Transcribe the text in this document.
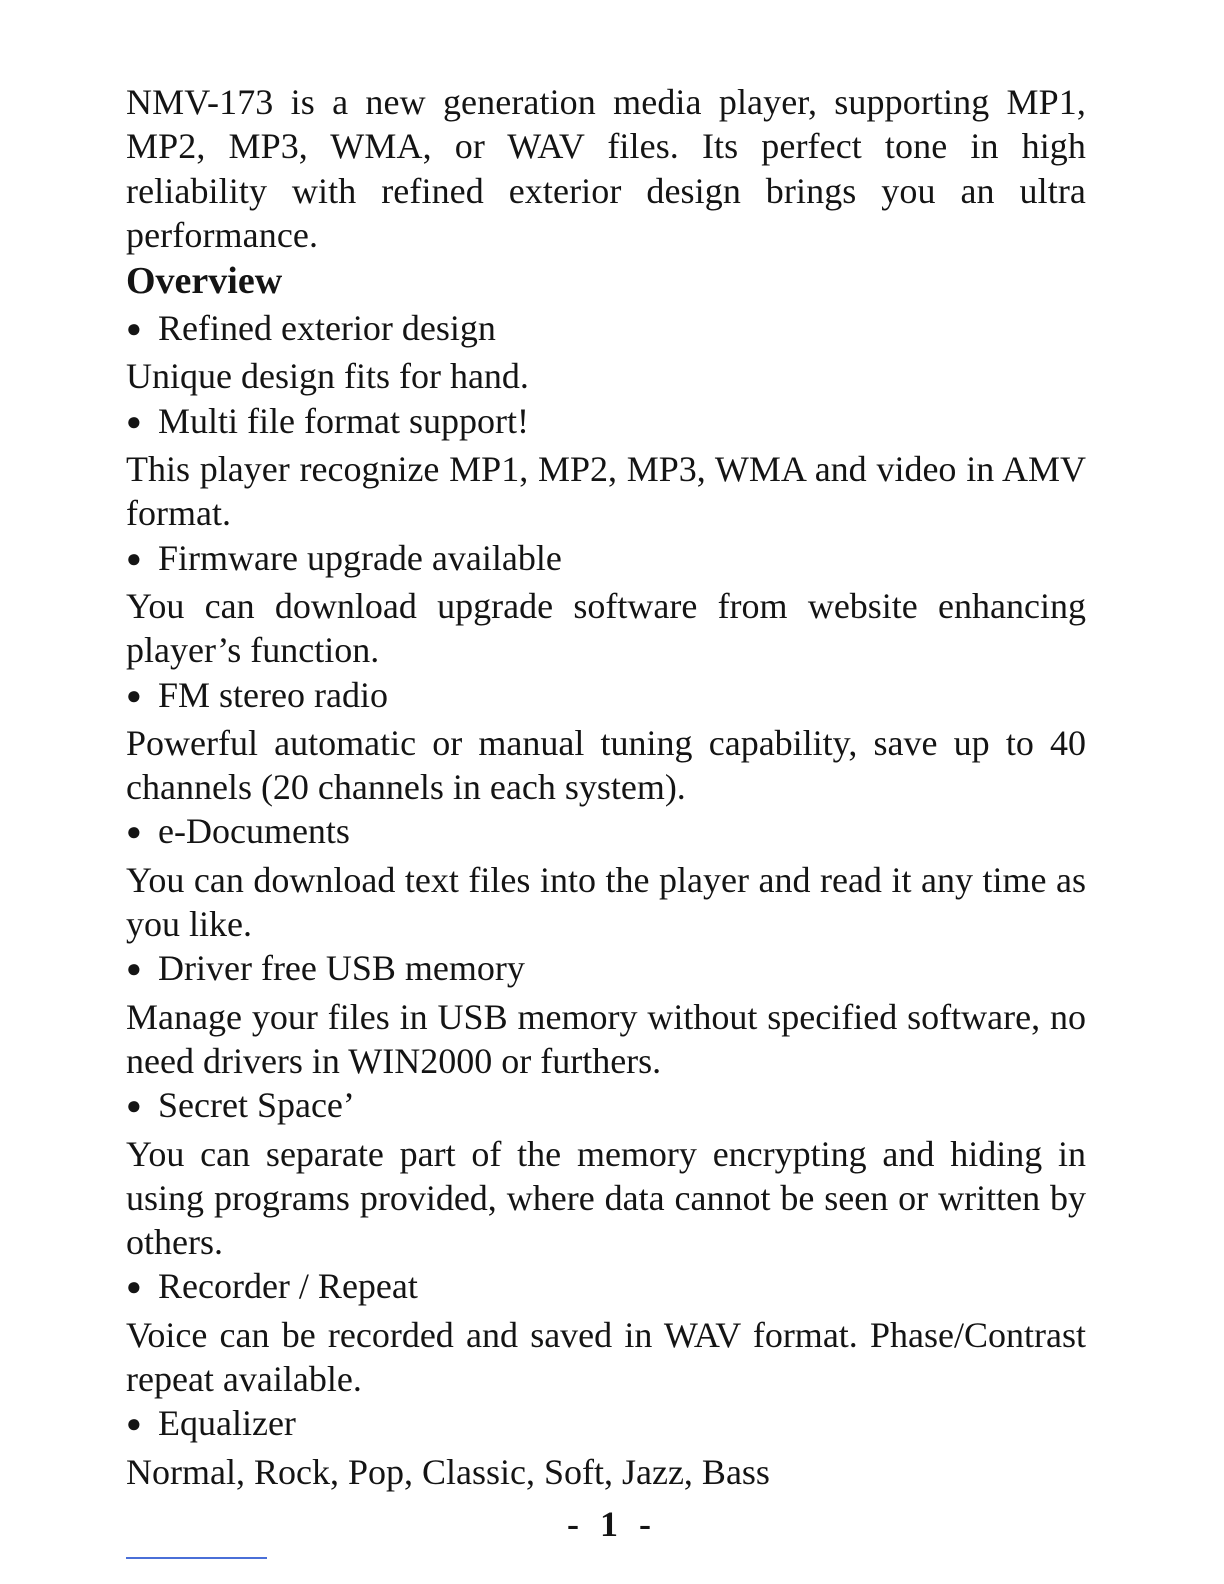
NMV-173 is a new generation media player, supporting MP1, MP2, MP3, WMA, or WAV files. Its perfect tone in high reliability with refined exterior design brings you an ultra performance.

Overview
● Refined exterior design

Unique design fits for hand.

● Multi file format support!

This player recognize MP1, MP2, MP3, WMA and video in AMV format.

● Firmware upgrade available

You can download upgrade software from website enhancing player’s function.

● FM stereo radio

Powerful automatic or manual tuning capability, save up to 40 channels (20 channels in each system).

● e-Documents

You can download text files into the player and read it any time as you like.

● Driver free USB memory

Manage your files in USB memory without specified software, no need drivers in WIN2000 or furthers.

● Secret Space’

You can separate part of the memory encrypting and hiding in using programs provided, where data cannot be seen or written by others.

● Recorder / Repeat

Voice can be recorded and saved in WAV format. Phase/Contrast repeat available.

● Equalizer

Normal, Rock, Pop, Classic, Soft, Jazz, Bass

- 1 -
